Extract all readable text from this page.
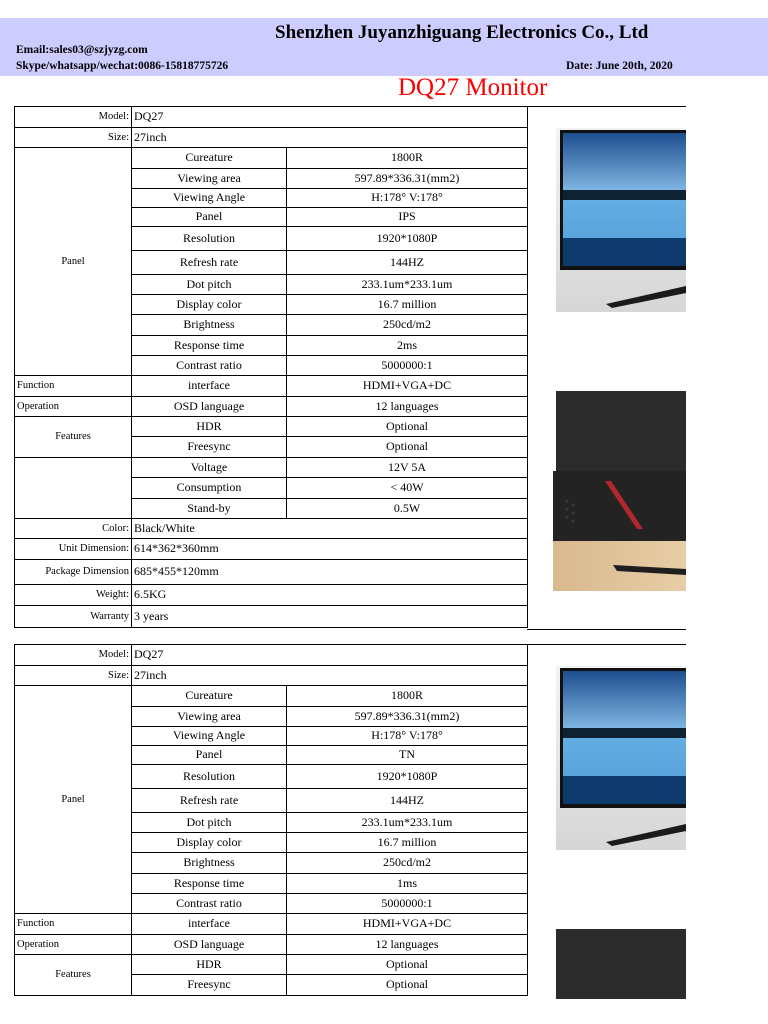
Shenzhen Juyanzhiguang Electronics Co., Ltd
Email:sales03@szjyzg.com
Skype/whatsapp/wechat:0086-15818775726	Date: June 20th, 2020
DQ27 Monitor
Model:	DQ27	
Size:	27inch	
Panel	Cureature	1800R
	Viewing area	597.89*336.31(mm2)
	Viewing Angle	H:178° V:178°
	Panel	IPS
	Resolution	1920*1080P
	Refresh rate	144HZ
	Dot pitch	233.1um*233.1um
	Display color	16.7 million
	Brightness	250cd/m2
	Response time	2ms
	Contrast ratio	5000000:1
Function	interface	HDMI+VGA+DC
Operation	OSD language	12 languages
Features	HDR	Optional
	Freesync	Optional
	Voltage	12V 5A
	Consumption	< 40W
	Stand-by	0.5W
Color:	Black/White	
Unit Dimension:	614*362*360mm	
Package Dimension	685*455*120mm	
Weight:	6.5KG	
Warranty	3 years	
Model:	DQ27	
Size:	27inch	
Panel	Cureature	1800R
	Viewing area	597.89*336.31(mm2)
	Viewing Angle	H:178° V:178°
	Panel	TN
	Resolution	1920*1080P
	Refresh rate	144HZ
	Dot pitch	233.1um*233.1um
	Display color	16.7 million
	Brightness	250cd/m2
	Response time	1ms
	Contrast ratio	5000000:1
Function	interface	HDMI+VGA+DC
Operation	OSD language	12 languages
Features	HDR	Optional
	Freesync	Optional
